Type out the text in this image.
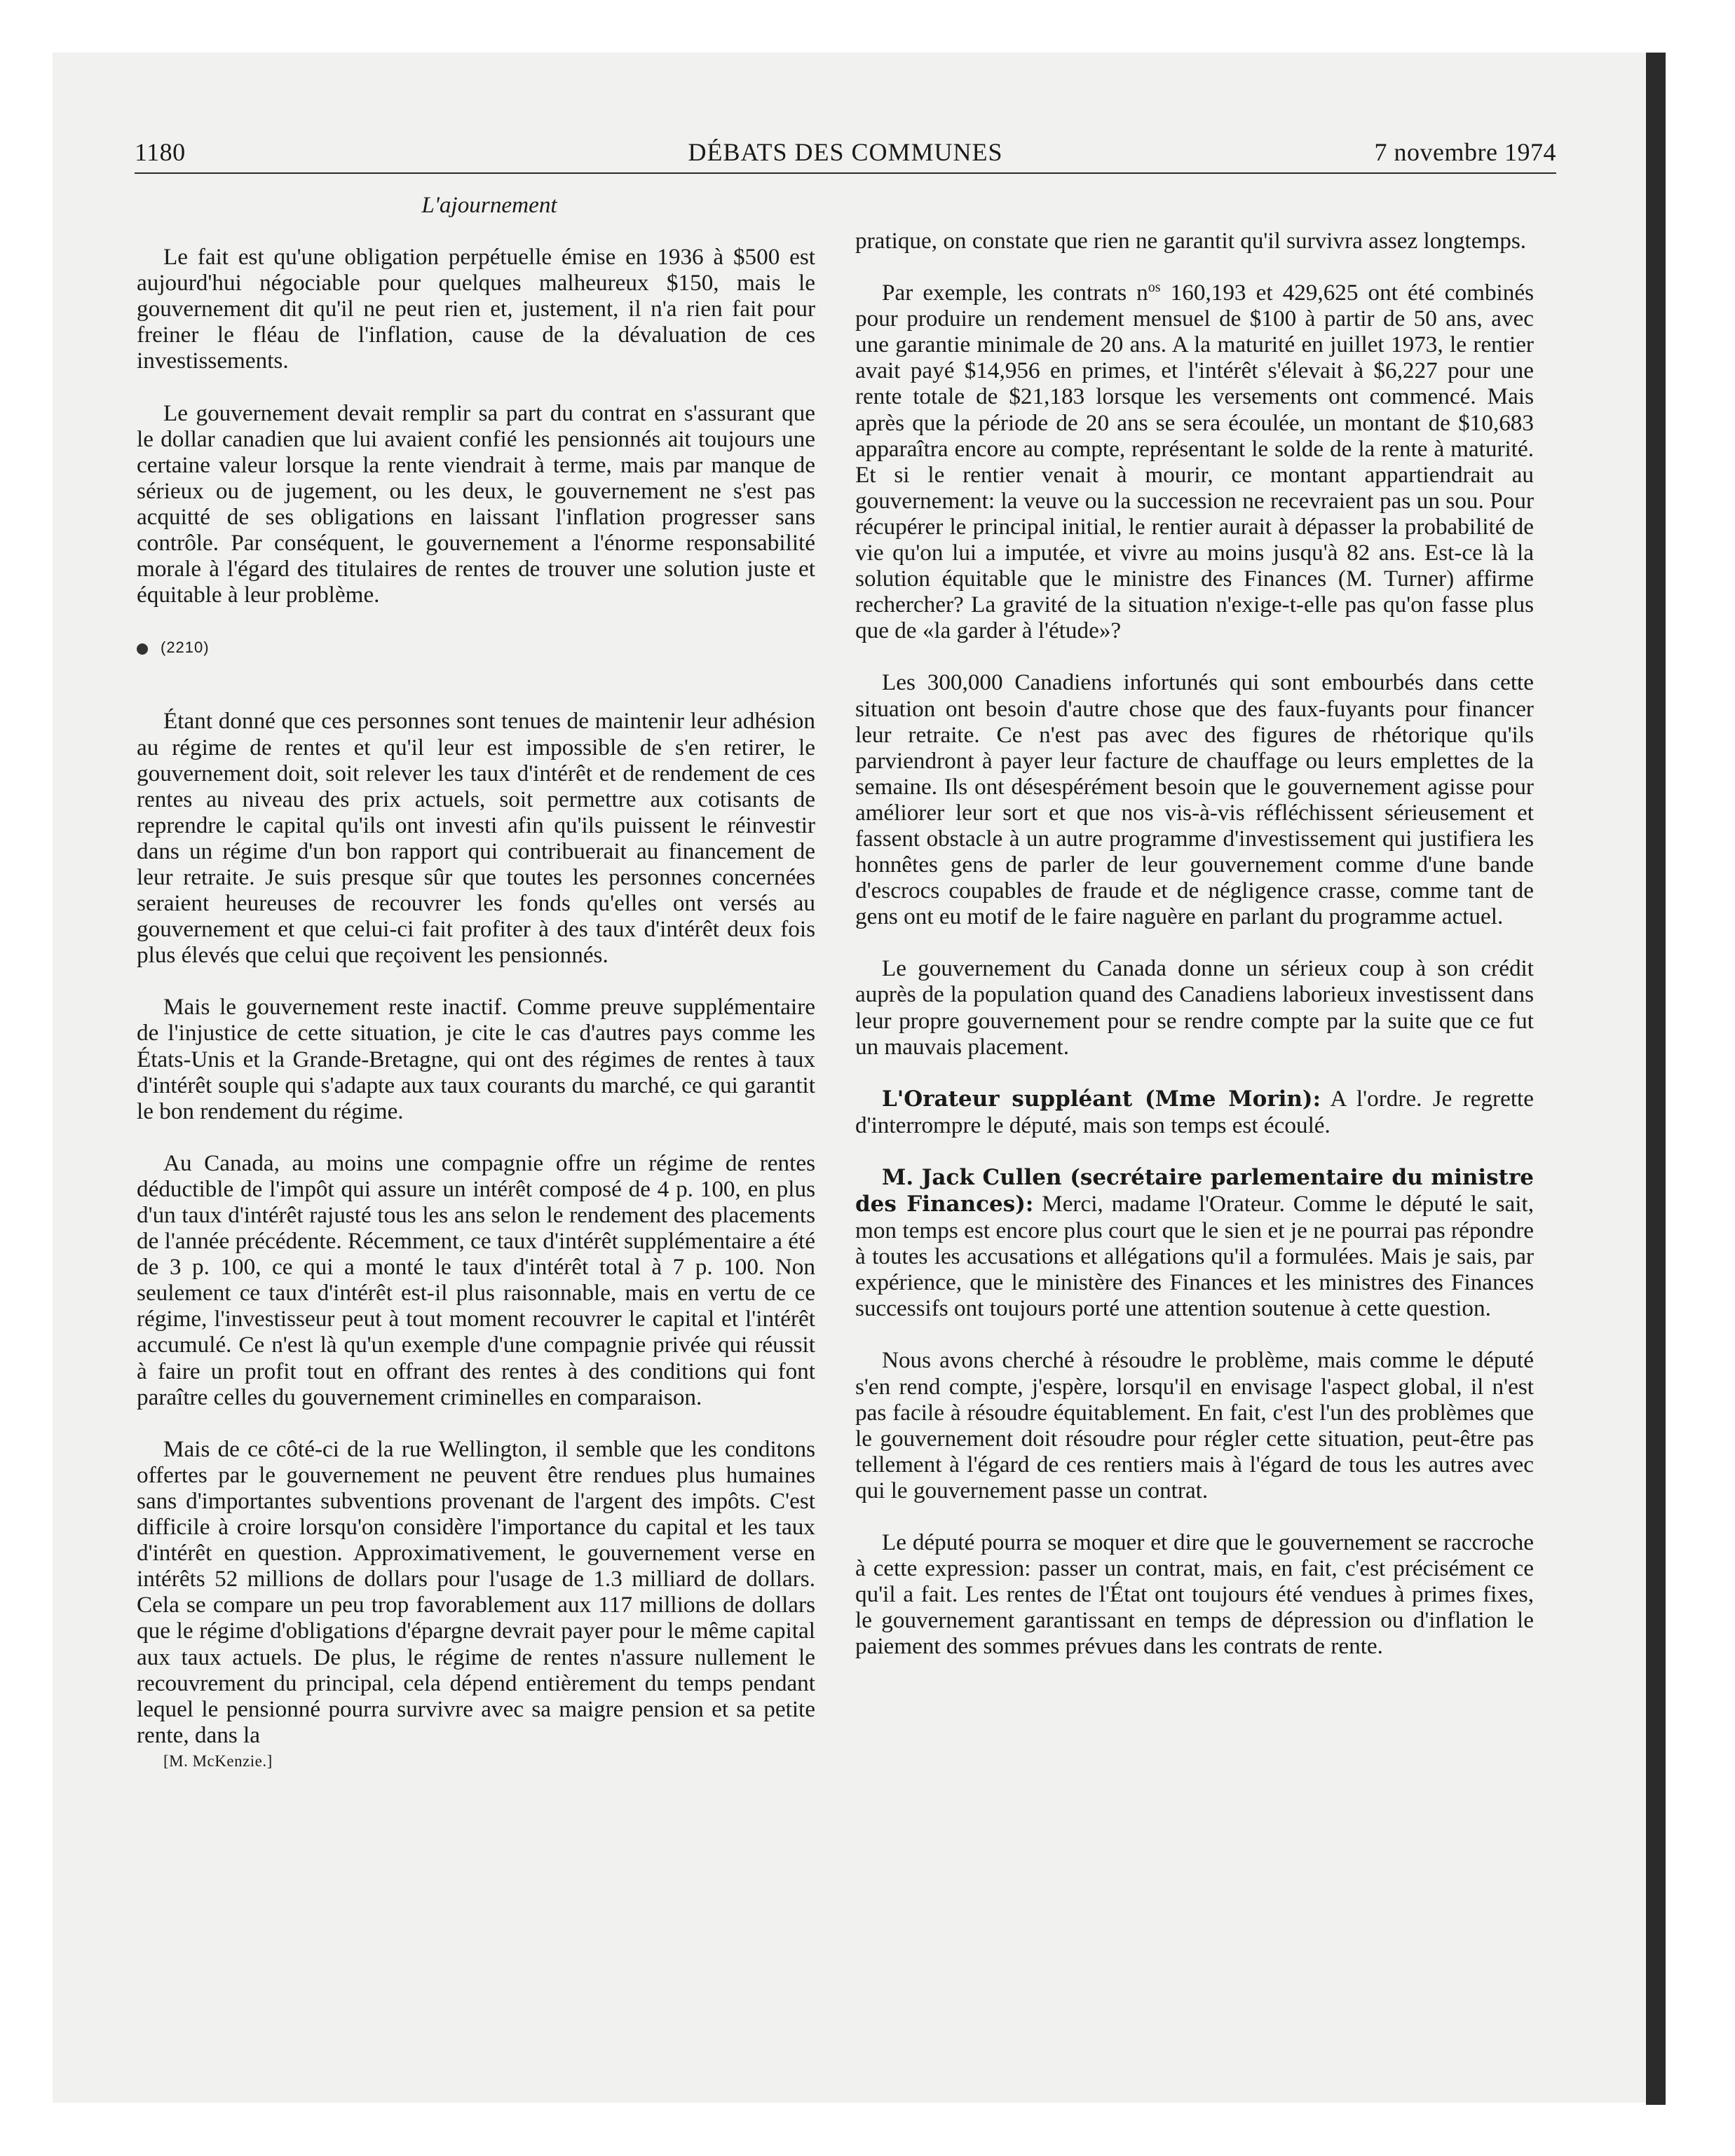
1180	DÉBATS DES COMMUNES	7 novembre 1974

L'ajournement

Le fait est qu'une obligation perpétuelle émise en 1936 à $500 est aujourd'hui négociable pour quelques malheureux $150, mais le gouvernement dit qu'il ne peut rien et, justement, il n'a rien fait pour freiner le fléau de l'inflation, cause de la dévaluation de ces investissements.

Le gouvernement devait remplir sa part du contrat en s'assurant que le dollar canadien que lui avaient confié les pensionnés ait toujours une certaine valeur lorsque la rente viendrait à terme, mais par manque de sérieux ou de jugement, ou les deux, le gouvernement ne s'est pas acquitté de ses obligations en laissant l'inflation progresser sans contrôle. Par conséquent, le gouvernement a l'énorme responsabilité morale à l'égard des titulaires de rentes de trouver une solution juste et équitable à leur problème.

(2210)

Étant donné que ces personnes sont tenues de maintenir leur adhésion au régime de rentes et qu'il leur est impossible de s'en retirer, le gouvernement doit, soit relever les taux d'intérêt et de rendement de ces rentes au niveau des prix actuels, soit permettre aux cotisants de reprendre le capital qu'ils ont investi afin qu'ils puissent le réinvestir dans un régime d'un bon rapport qui contribuerait au financement de leur retraite. Je suis presque sûr que toutes les personnes concernées seraient heureuses de recouvrer les fonds qu'elles ont versés au gouvernement et que celui-ci fait profiter à des taux d'intérêt deux fois plus élevés que celui que reçoivent les pensionnés.

Mais le gouvernement reste inactif. Comme preuve supplémentaire de l'injustice de cette situation, je cite le cas d'autres pays comme les États-Unis et la Grande-Bretagne, qui ont des régimes de rentes à taux d'intérêt souple qui s'adapte aux taux courants du marché, ce qui garantit le bon rendement du régime.

Au Canada, au moins une compagnie offre un régime de rentes déductible de l'impôt qui assure un intérêt composé de 4 p. 100, en plus d'un taux d'intérêt rajusté tous les ans selon le rendement des placements de l'année précédente. Récemment, ce taux d'intérêt supplémentaire a été de 3 p. 100, ce qui a monté le taux d'intérêt total à 7 p. 100. Non seulement ce taux d'intérêt est-il plus raisonnable, mais en vertu de ce régime, l'investisseur peut à tout moment recouvrer le capital et l'intérêt accumulé. Ce n'est là qu'un exemple d'une compagnie privée qui réussit à faire un profit tout en offrant des rentes à des conditions qui font paraître celles du gouvernement criminelles en comparaison.

Mais de ce côté-ci de la rue Wellington, il semble que les conditons offertes par le gouvernement ne peuvent être rendues plus humaines sans d'importantes subventions provenant de l'argent des impôts. C'est difficile à croire lorsqu'on considère l'importance du capital et les taux d'intérêt en question. Approximativement, le gouvernement verse en intérêts 52 millions de dollars pour l'usage de 1.3 milliard de dollars. Cela se compare un peu trop favorablement aux 117 millions de dollars que le régime d'obligations d'épargne devrait payer pour le même capital aux taux actuels. De plus, le régime de rentes n'assure nullement le recouvrement du principal, cela dépend entièrement du temps pendant lequel le pensionné pourra survivre avec sa maigre pension et sa petite rente, dans la

[M. McKenzie.]

pratique, on constate que rien ne garantit qu'il survivra assez longtemps.

Par exemple, les contrats $n^{os}$ 160,193 et 429,625 ont été combinés pour produire un rendement mensuel de $100 à partir de 50 ans, avec une garantie minimale de 20 ans. A la maturité en juillet 1973, le rentier avait payé $14,956 en primes, et l'intérêt s'élevait à $6,227 pour une rente totale de $21,183 lorsque les versements ont commencé. Mais après que la période de 20 ans se sera écoulée, un montant de $10,683 apparaîtra encore au compte, représentant le solde de la rente à maturité. Et si le rentier venait à mourir, ce montant appartiendrait au gouvernement: la veuve ou la succession ne recevraient pas un sou. Pour récupérer le principal initial, le rentier aurait à dépasser la probabilité de vie qu'on lui a imputée, et vivre au moins jusqu'à 82 ans. Est-ce là la solution équitable que le ministre des Finances (M. Turner) affirme rechercher? La gravité de la situation n'exige-t-elle pas qu'on fasse plus que de «la garder à l'étude»?

Les 300,000 Canadiens infortunés qui sont embourbés dans cette situation ont besoin d'autre chose que des faux-fuyants pour financer leur retraite. Ce n'est pas avec des figures de rhétorique qu'ils parviendront à payer leur facture de chauffage ou leurs emplettes de la semaine. Ils ont désespérément besoin que le gouvernement agisse pour améliorer leur sort et que nos vis-à-vis réfléchissent sérieusement et fassent obstacle à un autre programme d'investissement qui justifiera les honnêtes gens de parler de leur gouvernement comme d'une bande d'escrocs coupables de fraude et de négligence crasse, comme tant de gens ont eu motif de le faire naguère en parlant du programme actuel.

Le gouvernement du Canada donne un sérieux coup à son crédit auprès de la population quand des Canadiens laborieux investissent dans leur propre gouvernement pour se rendre compte par la suite que ce fut un mauvais placement.

L'Orateur suppléant (Mme Morin): A l'ordre. Je regrette d'interrompre le député, mais son temps est écoulé.

M. Jack Cullen (secrétaire parlementaire du ministre des Finances): Merci, madame l'Orateur. Comme le député le sait, mon temps est encore plus court que le sien et je ne pourrai pas répondre à toutes les accusations et allégations qu'il a formulées. Mais je sais, par expérience, que le ministère des Finances et les ministres des Finances successifs ont toujours porté une attention soutenue à cette question.

Nous avons cherché à résoudre le problème, mais comme le député s'en rend compte, j'espère, lorsqu'il en envisage l'aspect global, il n'est pas facile à résoudre équitablement. En fait, c'est l'un des problèmes que le gouvernement doit résoudre pour régler cette situation, peut-être pas tellement à l'égard de ces rentiers mais à l'égard de tous les autres avec qui le gouvernement passe un contrat.

Le député pourra se moquer et dire que le gouvernement se raccroche à cette expression: passer un contrat, mais, en fait, c'est précisément ce qu'il a fait. Les rentes de l'État ont toujours été vendues à primes fixes, le gouvernement garantissant en temps de dépression ou d'inflation le paiement des sommes prévues dans les contrats de rente.
